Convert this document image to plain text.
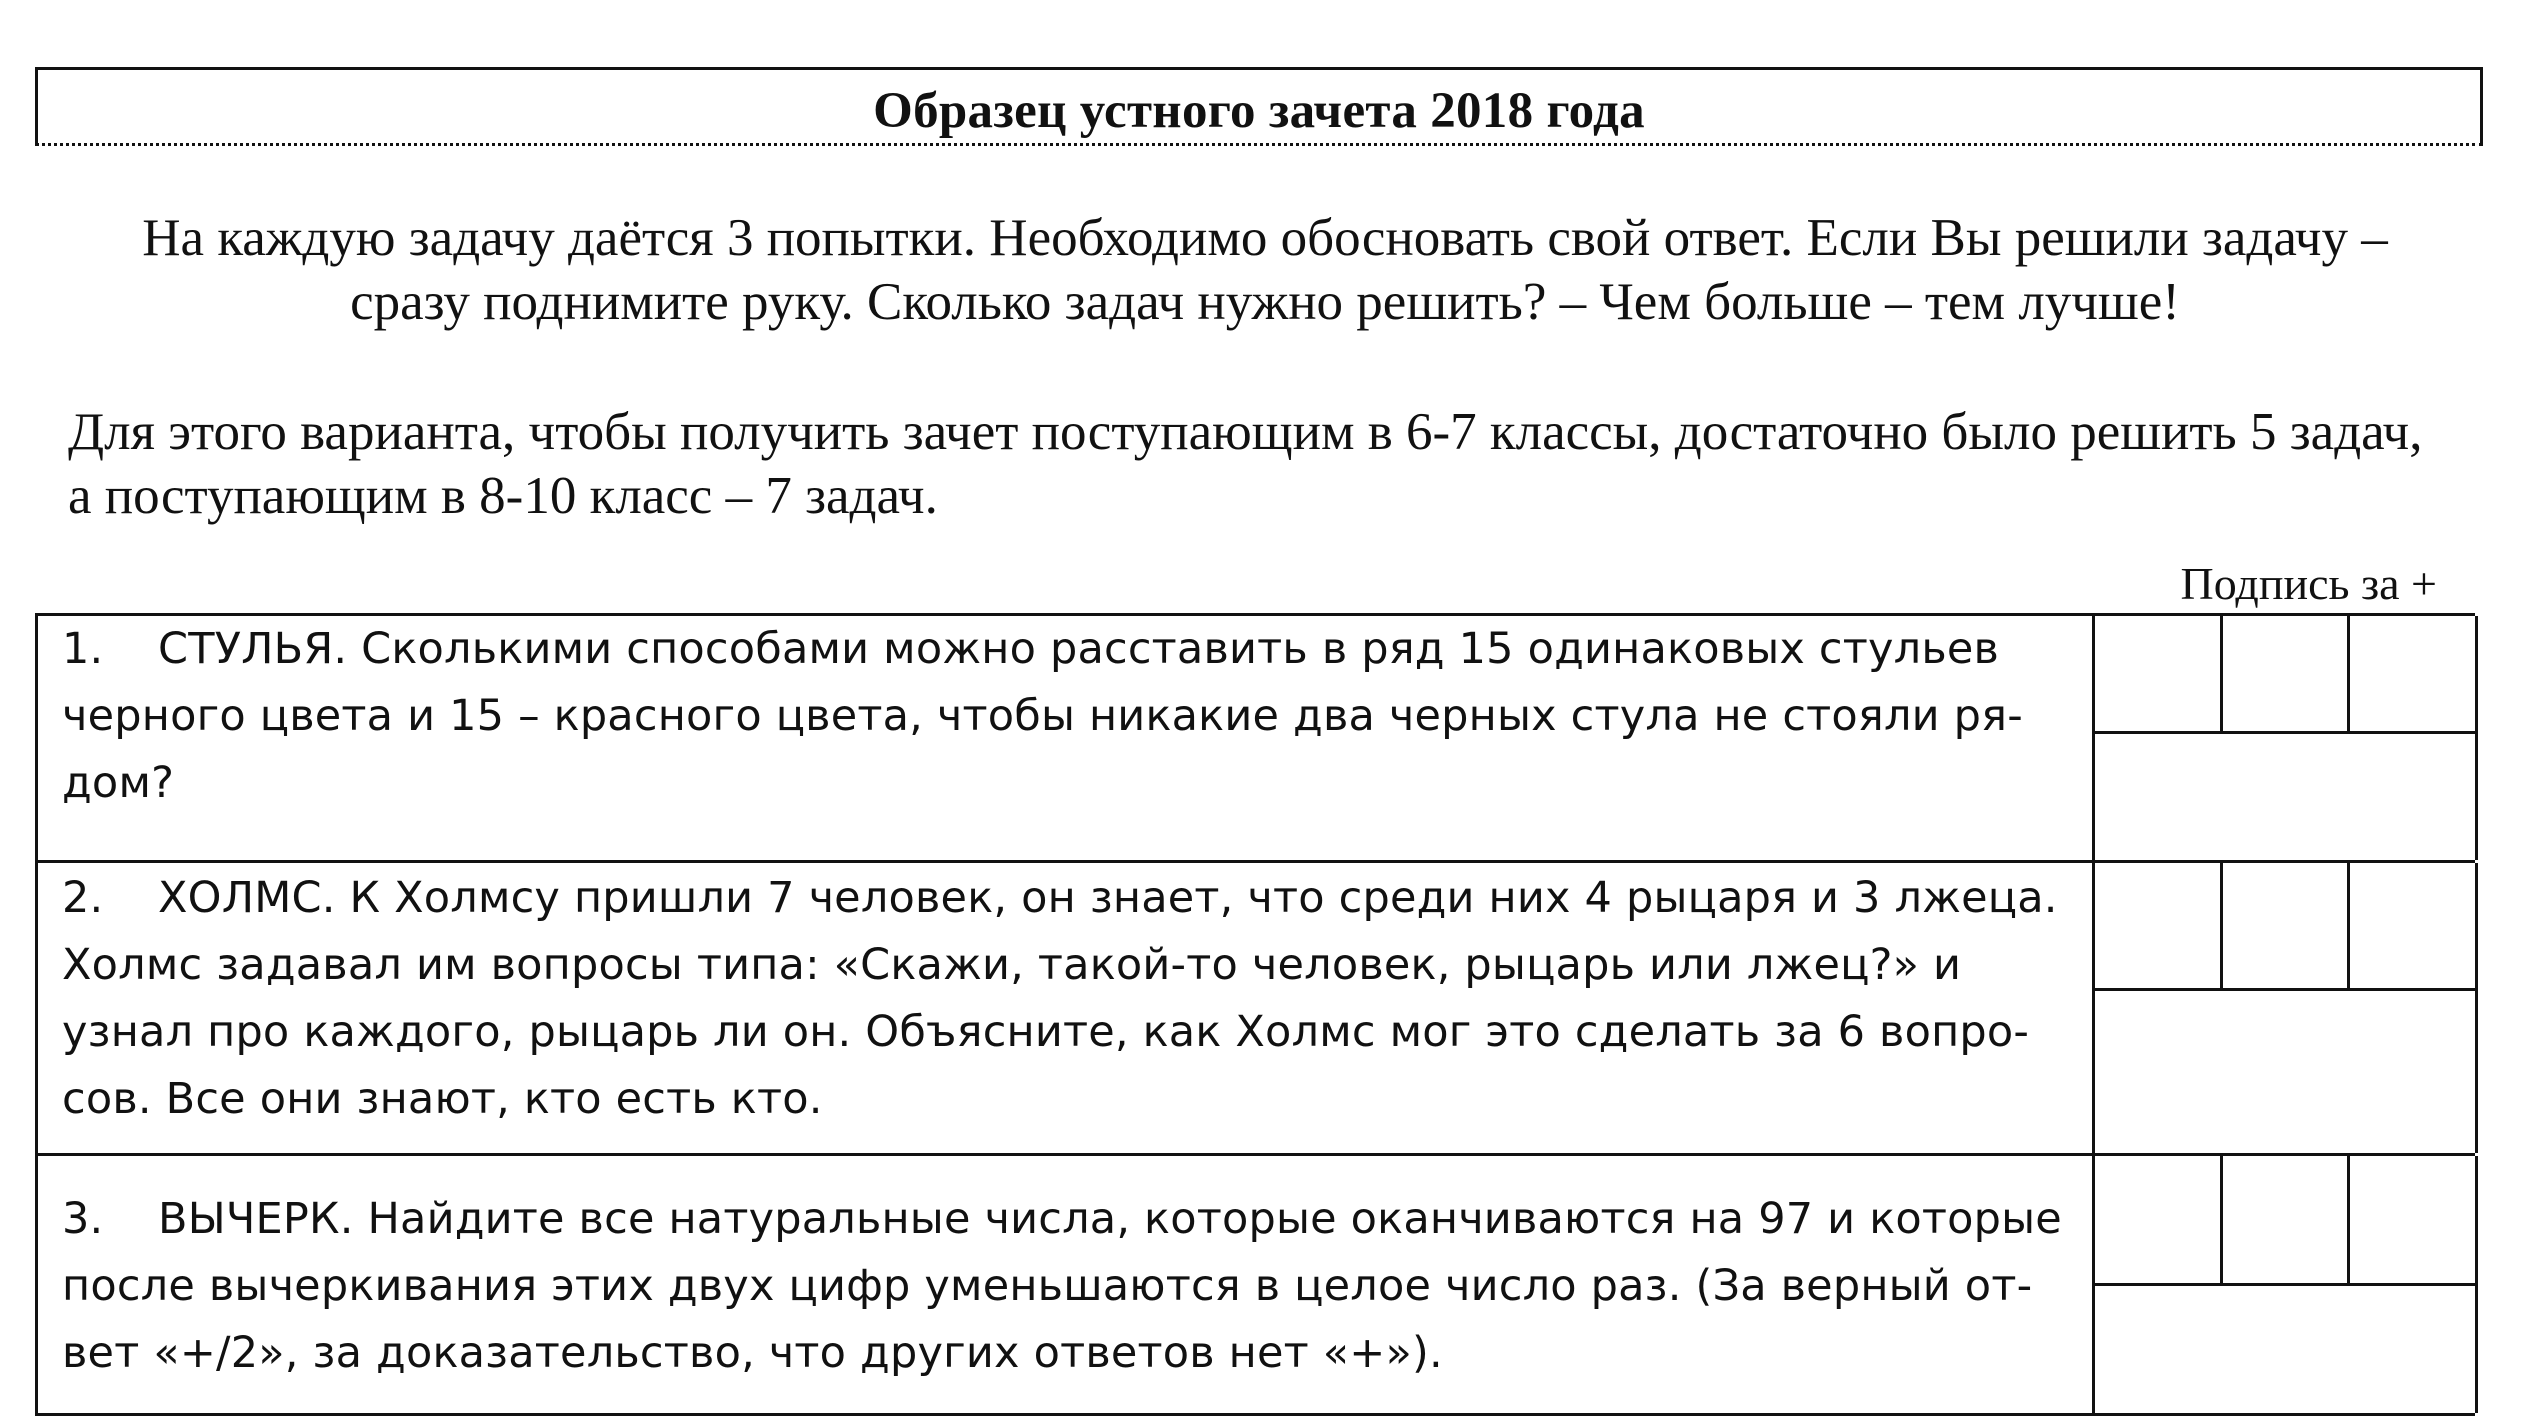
Образец устного зачета 2018 года
На каждую задачу даётся 3 попытки. Необходимо обосновать свой ответ. Если Вы решили задачу –
сразу поднимите руку. Сколько задач нужно решить? – Чем больше – тем лучше!
Для этого варианта, чтобы получить зачет поступающим в 6-7 классы, достаточно было решить 5 задач,
а поступающим в 8-10 класс – 7 задач.
Подпись за +
1. СТУЛЬЯ. Сколькими способами можно расставить в ряд 15 одинаковых стульев
черного цвета и 15 – красного цвета, чтобы никакие два черных стула не стояли ря-
дом?
2. ХОЛМС. К Холмсу пришли 7 человек, он знает, что среди них 4 рыцаря и 3 лжеца.
Холмс задавал им вопросы типа: «Скажи, такой-то человек, рыцарь или лжец?» и
узнал про каждого, рыцарь ли он. Объясните, как Холмс мог это сделать за 6 вопро-
сов. Все они знают, кто есть кто.
3. ВЫЧЕРК. Найдите все натуральные числа, которые оканчиваются на 97 и которые
после вычеркивания этих двух цифр уменьшаются в целое число раз. (За верный от-
вет «+/2», за доказательство, что других ответов нет «+»).
